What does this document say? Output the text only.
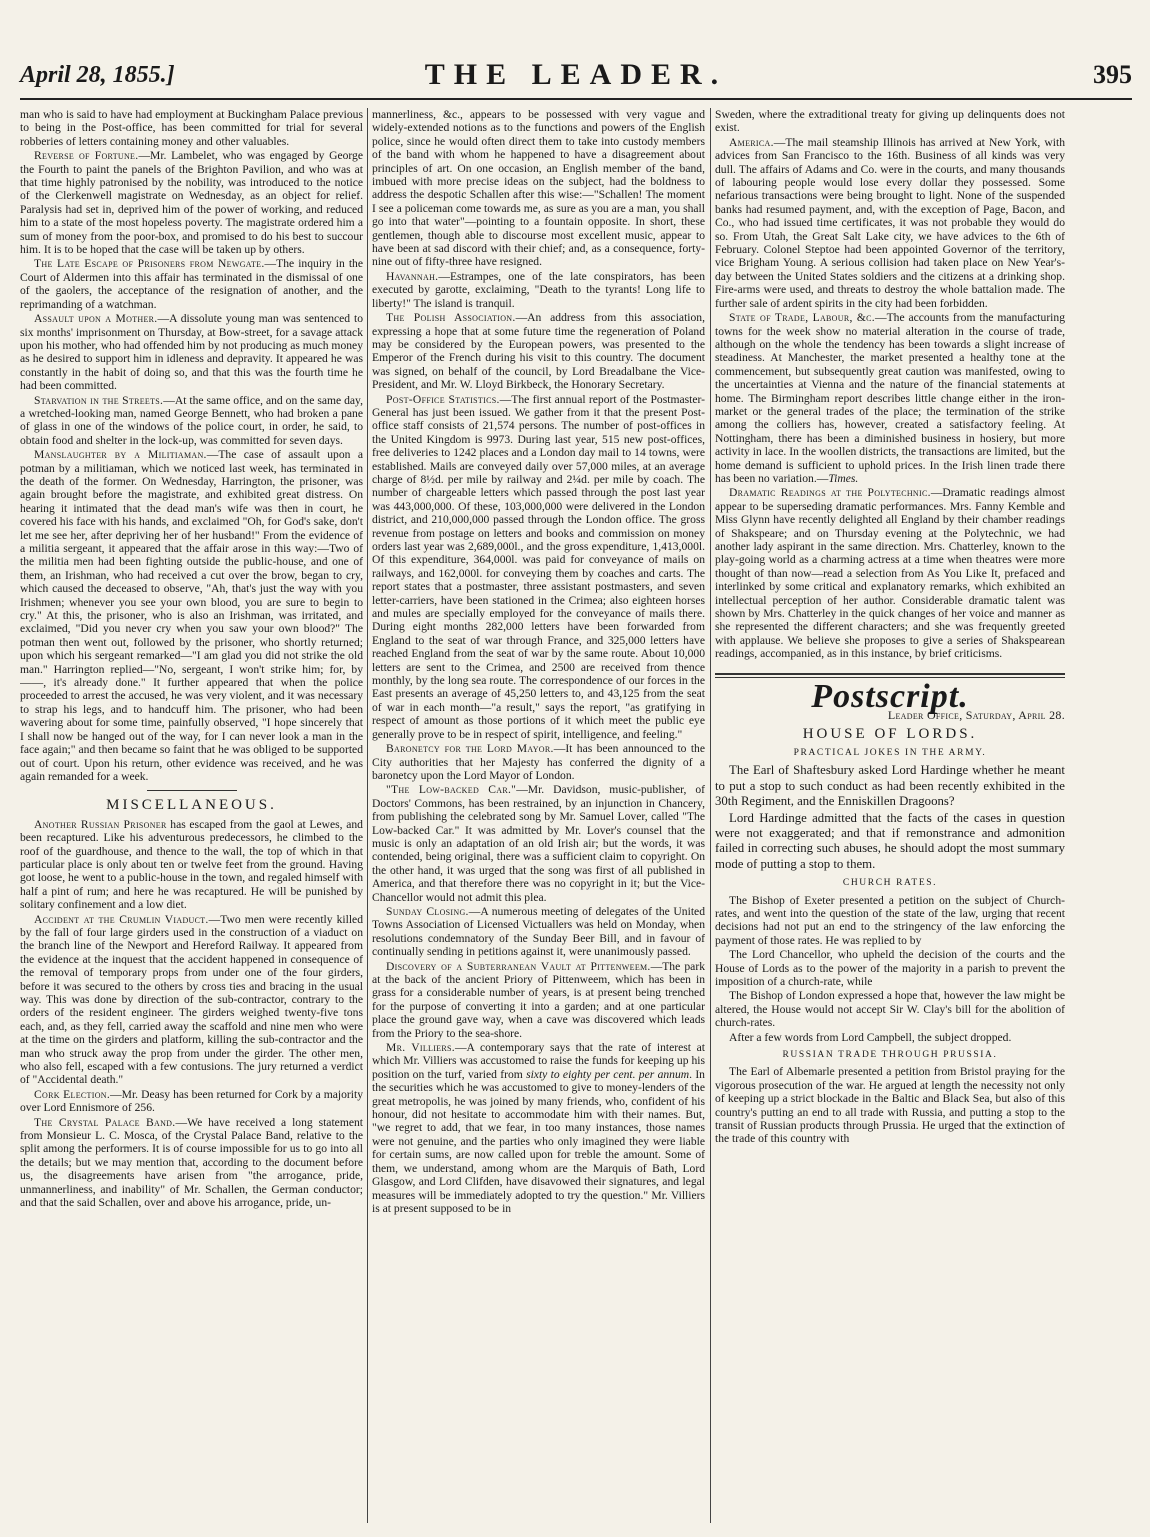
April 28, 1855.]	THE LEADER.	395

man who is said to have had employment at Buckingham Palace previous to being in the Post-office, has been committed for trial for several robberies of letters containing money and other valuables.

Reverse of Fortune.—Mr. Lambelet, who was engaged by George the Fourth to paint the panels of the Brighton Pavilion, and who was at that time highly patronised by the nobility, was introduced to the notice of the Clerkenwell magistrate on Wednesday, as an object for relief. Paralysis had set in, deprived him of the power of working, and reduced him to a state of the most hopeless poverty. The magistrate ordered him a sum of money from the poor-box, and promised to do his best to succour him. It is to be hoped that the case will be taken up by others.

The Late Escape of Prisoners from Newgate.—The inquiry in the Court of Aldermen into this affair has terminated in the dismissal of one of the gaolers, the acceptance of the resignation of another, and the reprimanding of a watchman.

Assault upon a Mother.—A dissolute young man was sentenced to six months' imprisonment on Thursday, at Bow-street, for a savage attack upon his mother, who had offended him by not producing as much money as he desired to support him in idleness and depravity. It appeared he was constantly in the habit of doing so, and that this was the fourth time he had been committed.

Starvation in the Streets.—At the same office, and on the same day, a wretched-looking man, named George Bennett, who had broken a pane of glass in one of the windows of the police court, in order, he said, to obtain food and shelter in the lock-up, was committed for seven days.

Manslaughter by a Militiaman.—The case of assault upon a potman by a militiaman, which we noticed last week, has terminated in the death of the former. On Wednesday, Harrington, the prisoner, was again brought before the magistrate, and exhibited great distress. On hearing it intimated that the dead man's wife was then in court, he covered his face with his hands, and exclaimed "Oh, for God's sake, don't let me see her, after depriving her of her husband!" From the evidence of a militia sergeant, it appeared that the affair arose in this way:—Two of the militia men had been fighting outside the public-house, and one of them, an Irishman, who had received a cut over the brow, began to cry, which caused the deceased to observe, "Ah, that's just the way with you Irishmen; whenever you see your own blood, you are sure to begin to cry." At this, the prisoner, who is also an Irishman, was irritated, and exclaimed, "Did you never cry when you saw your own blood?" The potman then went out, followed by the prisoner, who shortly returned; upon which his sergeant remarked—"I am glad you did not strike the old man." Harrington replied—"No, sergeant, I won't strike him; for, by ——, it's already done." It further appeared that when the police proceeded to arrest the accused, he was very violent, and it was necessary to strap his legs, and to handcuff him. The prisoner, who had been wavering about for some time, painfully observed, "I hope sincerely that I shall now be hanged out of the way, for I can never look a man in the face again;" and then became so faint that he was obliged to be supported out of court. Upon his return, other evidence was received, and he was again remanded for a week.

MISCELLANEOUS.

Another Russian Prisoner has escaped from the gaol at Lewes, and been recaptured. Like his adventurous predecessors, he climbed to the roof of the guardhouse, and thence to the wall, the top of which in that particular place is only about ten or twelve feet from the ground. Having got loose, he went to a public-house in the town, and regaled himself with half a pint of rum; and here he was recaptured. He will be punished by solitary confinement and a low diet.

Accident at the Crumlin Viaduct.—Two men were recently killed by the fall of four large girders used in the construction of a viaduct on the branch line of the Newport and Hereford Railway. It appeared from the evidence at the inquest that the accident happened in consequence of the removal of temporary props from under one of the four girders, before it was secured to the others by cross ties and bracing in the usual way. This was done by direction of the sub-contractor, contrary to the orders of the resident engineer. The girders weighed twenty-five tons each, and, as they fell, carried away the scaffold and nine men who were at the time on the girders and platform, killing the sub-contractor and the man who struck away the prop from under the girder. The other men, who also fell, escaped with a few contusions. The jury returned a verdict of "Accidental death."

Cork Election.—Mr. Deasy has been returned for Cork by a majority over Lord Ennismore of 256.

The Crystal Palace Band.—We have received a long statement from Monsieur L. C. Mosca, of the Crystal Palace Band, relative to the split among the performers. It is of course impossible for us to go into all the details; but we may mention that, according to the document before us, the disagreements have arisen from "the arrogance, pride, unmannerliness, and inability" of Mr. Schallen, the German conductor; and that the said Schallen, over and above his arrogance, pride, un-

mannerliness, &c., appears to be possessed with very vague and widely-extended notions as to the functions and powers of the English police, since he would often direct them to take into custody members of the band with whom he happened to have a disagreement about principles of art. On one occasion, an English member of the band, imbued with more precise ideas on the subject, had the boldness to address the despotic Schallen after this wise:—"Schallen! The moment I see a policeman come towards me, as sure as you are a man, you shall go into that water"—pointing to a fountain opposite. In short, these gentlemen, though able to discourse most excellent music, appear to have been at sad discord with their chief; and, as a consequence, forty-nine out of fifty-three have resigned.

Havannah.—Estrampes, one of the late conspirators, has been executed by garotte, exclaiming, "Death to the tyrants! Long life to liberty!" The island is tranquil.

The Polish Association.—An address from this association, expressing a hope that at some future time the regeneration of Poland may be considered by the European powers, was presented to the Emperor of the French during his visit to this country. The document was signed, on behalf of the council, by Lord Breadalbane the Vice-President, and Mr. W. Lloyd Birkbeck, the Honorary Secretary.

Post-Office Statistics.—The first annual report of the Postmaster-General has just been issued. We gather from it that the present Post-office staff consists of 21,574 persons. The number of post-offices in the United Kingdom is 9973. During last year, 515 new post-offices, free deliveries to 1242 places and a London day mail to 14 towns, were established. Mails are conveyed daily over 57,000 miles, at an average charge of 8½d. per mile by railway and 2¼d. per mile by coach. The number of chargeable letters which passed through the post last year was 443,000,000. Of these, 103,000,000 were delivered in the London district, and 210,000,000 passed through the London office. The gross revenue from postage on letters and books and commission on money orders last year was 2,689,000l., and the gross expenditure, 1,413,000l. Of this expenditure, 364,000l. was paid for conveyance of mails on railways, and 162,000l. for conveying them by coaches and carts. The report states that a postmaster, three assistant postmasters, and seven letter-carriers, have been stationed in the Crimea; also eighteen horses and mules are specially employed for the conveyance of mails there. During eight months 282,000 letters have been forwarded from England to the seat of war through France, and 325,000 letters have reached England from the seat of war by the same route. About 10,000 letters are sent to the Crimea, and 2500 are received from thence monthly, by the long sea route. The correspondence of our forces in the East presents an average of 45,250 letters to, and 43,125 from the seat of war in each month—"a result," says the report, "as gratifying in respect of amount as those portions of it which meet the public eye generally prove to be in respect of spirit, intelligence, and feeling."

Baronetcy for the Lord Mayor.—It has been announced to the City authorities that her Majesty has conferred the dignity of a baronetcy upon the Lord Mayor of London.

"The Low-backed Car."—Mr. Davidson, music-publisher, of Doctors' Commons, has been restrained, by an injunction in Chancery, from publishing the celebrated song by Mr. Samuel Lover, called "The Low-backed Car." It was admitted by Mr. Lover's counsel that the music is only an adaptation of an old Irish air; but the words, it was contended, being original, there was a sufficient claim to copyright. On the other hand, it was urged that the song was first of all published in America, and that therefore there was no copyright in it; but the Vice-Chancellor would not admit this plea.

Sunday Closing.—A numerous meeting of delegates of the United Towns Association of Licensed Victuallers was held on Monday, when resolutions condemnatory of the Sunday Beer Bill, and in favour of continually sending in petitions against it, were unanimously passed.

Discovery of a Subterranean Vault at Pittenweem.—The park at the back of the ancient Priory of Pittenweem, which has been in grass for a considerable number of years, is at present being trenched for the purpose of converting it into a garden; and at one particular place the ground gave way, when a cave was discovered which leads from the Priory to the sea-shore.

Mr. Villiers.—A contemporary says that the rate of interest at which Mr. Villiers was accustomed to raise the funds for keeping up his position on the turf, varied from sixty to eighty per cent. per annum. In the securities which he was accustomed to give to money-lenders of the great metropolis, he was joined by many friends, who, confident of his honour, did not hesitate to accommodate him with their names. But, "we regret to add, that we fear, in too many instances, those names were not genuine, and the parties who only imagined they were liable for certain sums, are now called upon for treble the amount. Some of them, we understand, among whom are the Marquis of Bath, Lord Glasgow, and Lord Clifden, have disavowed their signatures, and legal measures will be immediately adopted to try the question." Mr. Villiers is at present supposed to be in

Sweden, where the extraditional treaty for giving up delinquents does not exist.

America.—The mail steamship Illinois has arrived at New York, with advices from San Francisco to the 16th. Business of all kinds was very dull. The affairs of Adams and Co. were in the courts, and many thousands of labouring people would lose every dollar they possessed. Some nefarious transactions were being brought to light. None of the suspended banks had resumed payment, and, with the exception of Page, Bacon, and Co., who had issued time certificates, it was not probable they would do so. From Utah, the Great Salt Lake city, we have advices to the 6th of February. Colonel Steptoe had been appointed Governor of the territory, vice Brigham Young. A serious collision had taken place on New Year's-day between the United States soldiers and the citizens at a drinking shop. Fire-arms were used, and threats to destroy the whole battalion made. The further sale of ardent spirits in the city had been forbidden.

State of Trade, Labour, &c.—The accounts from the manufacturing towns for the week show no material alteration in the course of trade, although on the whole the tendency has been towards a slight increase of steadiness. At Manchester, the market presented a healthy tone at the commencement, but subsequently great caution was manifested, owing to the uncertainties at Vienna and the nature of the financial statements at home. The Birmingham report describes little change either in the iron-market or the general trades of the place; the termination of the strike among the colliers has, however, created a satisfactory feeling. At Nottingham, there has been a diminished business in hosiery, but more activity in lace. In the woollen districts, the transactions are limited, but the home demand is sufficient to uphold prices. In the Irish linen trade there has been no variation.—Times.

Dramatic Readings at the Polytechnic.—Dramatic readings almost appear to be superseding dramatic performances. Mrs. Fanny Kemble and Miss Glynn have recently delighted all England by their chamber readings of Shakspeare; and on Thursday evening at the Polytechnic, we had another lady aspirant in the same direction. Mrs. Chatterley, known to the play-going world as a charming actress at a time when theatres were more thought of than now—read a selection from As You Like It, prefaced and interlinked by some critical and explanatory remarks, which exhibited an intellectual perception of her author. Considerable dramatic talent was shown by Mrs. Chatterley in the quick changes of her voice and manner as she represented the different characters; and she was frequently greeted with applause. We believe she proposes to give a series of Shakspearean readings, accompanied, as in this instance, by brief criticisms.

Postscript.
Leader Office, Saturday, April 28.
HOUSE OF LORDS.
PRACTICAL JOKES IN THE ARMY.

The Earl of Shaftesbury asked Lord Hardinge whether he meant to put a stop to such conduct as had been recently exhibited in the 30th Regiment, and the Enniskillen Dragoons?

Lord Hardinge admitted that the facts of the cases in question were not exaggerated; and that if remonstrance and admonition failed in correcting such abuses, he should adopt the most summary mode of putting a stop to them.

CHURCH RATES.

The Bishop of Exeter presented a petition on the subject of Church-rates, and went into the question of the state of the law, urging that recent decisions had not put an end to the stringency of the law enforcing the payment of those rates. He was replied to by

The Lord Chancellor, who upheld the decision of the courts and the House of Lords as to the power of the majority in a parish to prevent the imposition of a church-rate, while

The Bishop of London expressed a hope that, however the law might be altered, the House would not accept Sir W. Clay's bill for the abolition of church-rates.

After a few words from Lord Campbell, the subject dropped.

RUSSIAN TRADE THROUGH PRUSSIA.

The Earl of Albemarle presented a petition from Bristol praying for the vigorous prosecution of the war. He argued at length the necessity not only of keeping up a strict blockade in the Baltic and Black Sea, but also of this country's putting an end to all trade with Russia, and putting a stop to the transit of Russian products through Prussia. He urged that the extinction of the trade of this country with
